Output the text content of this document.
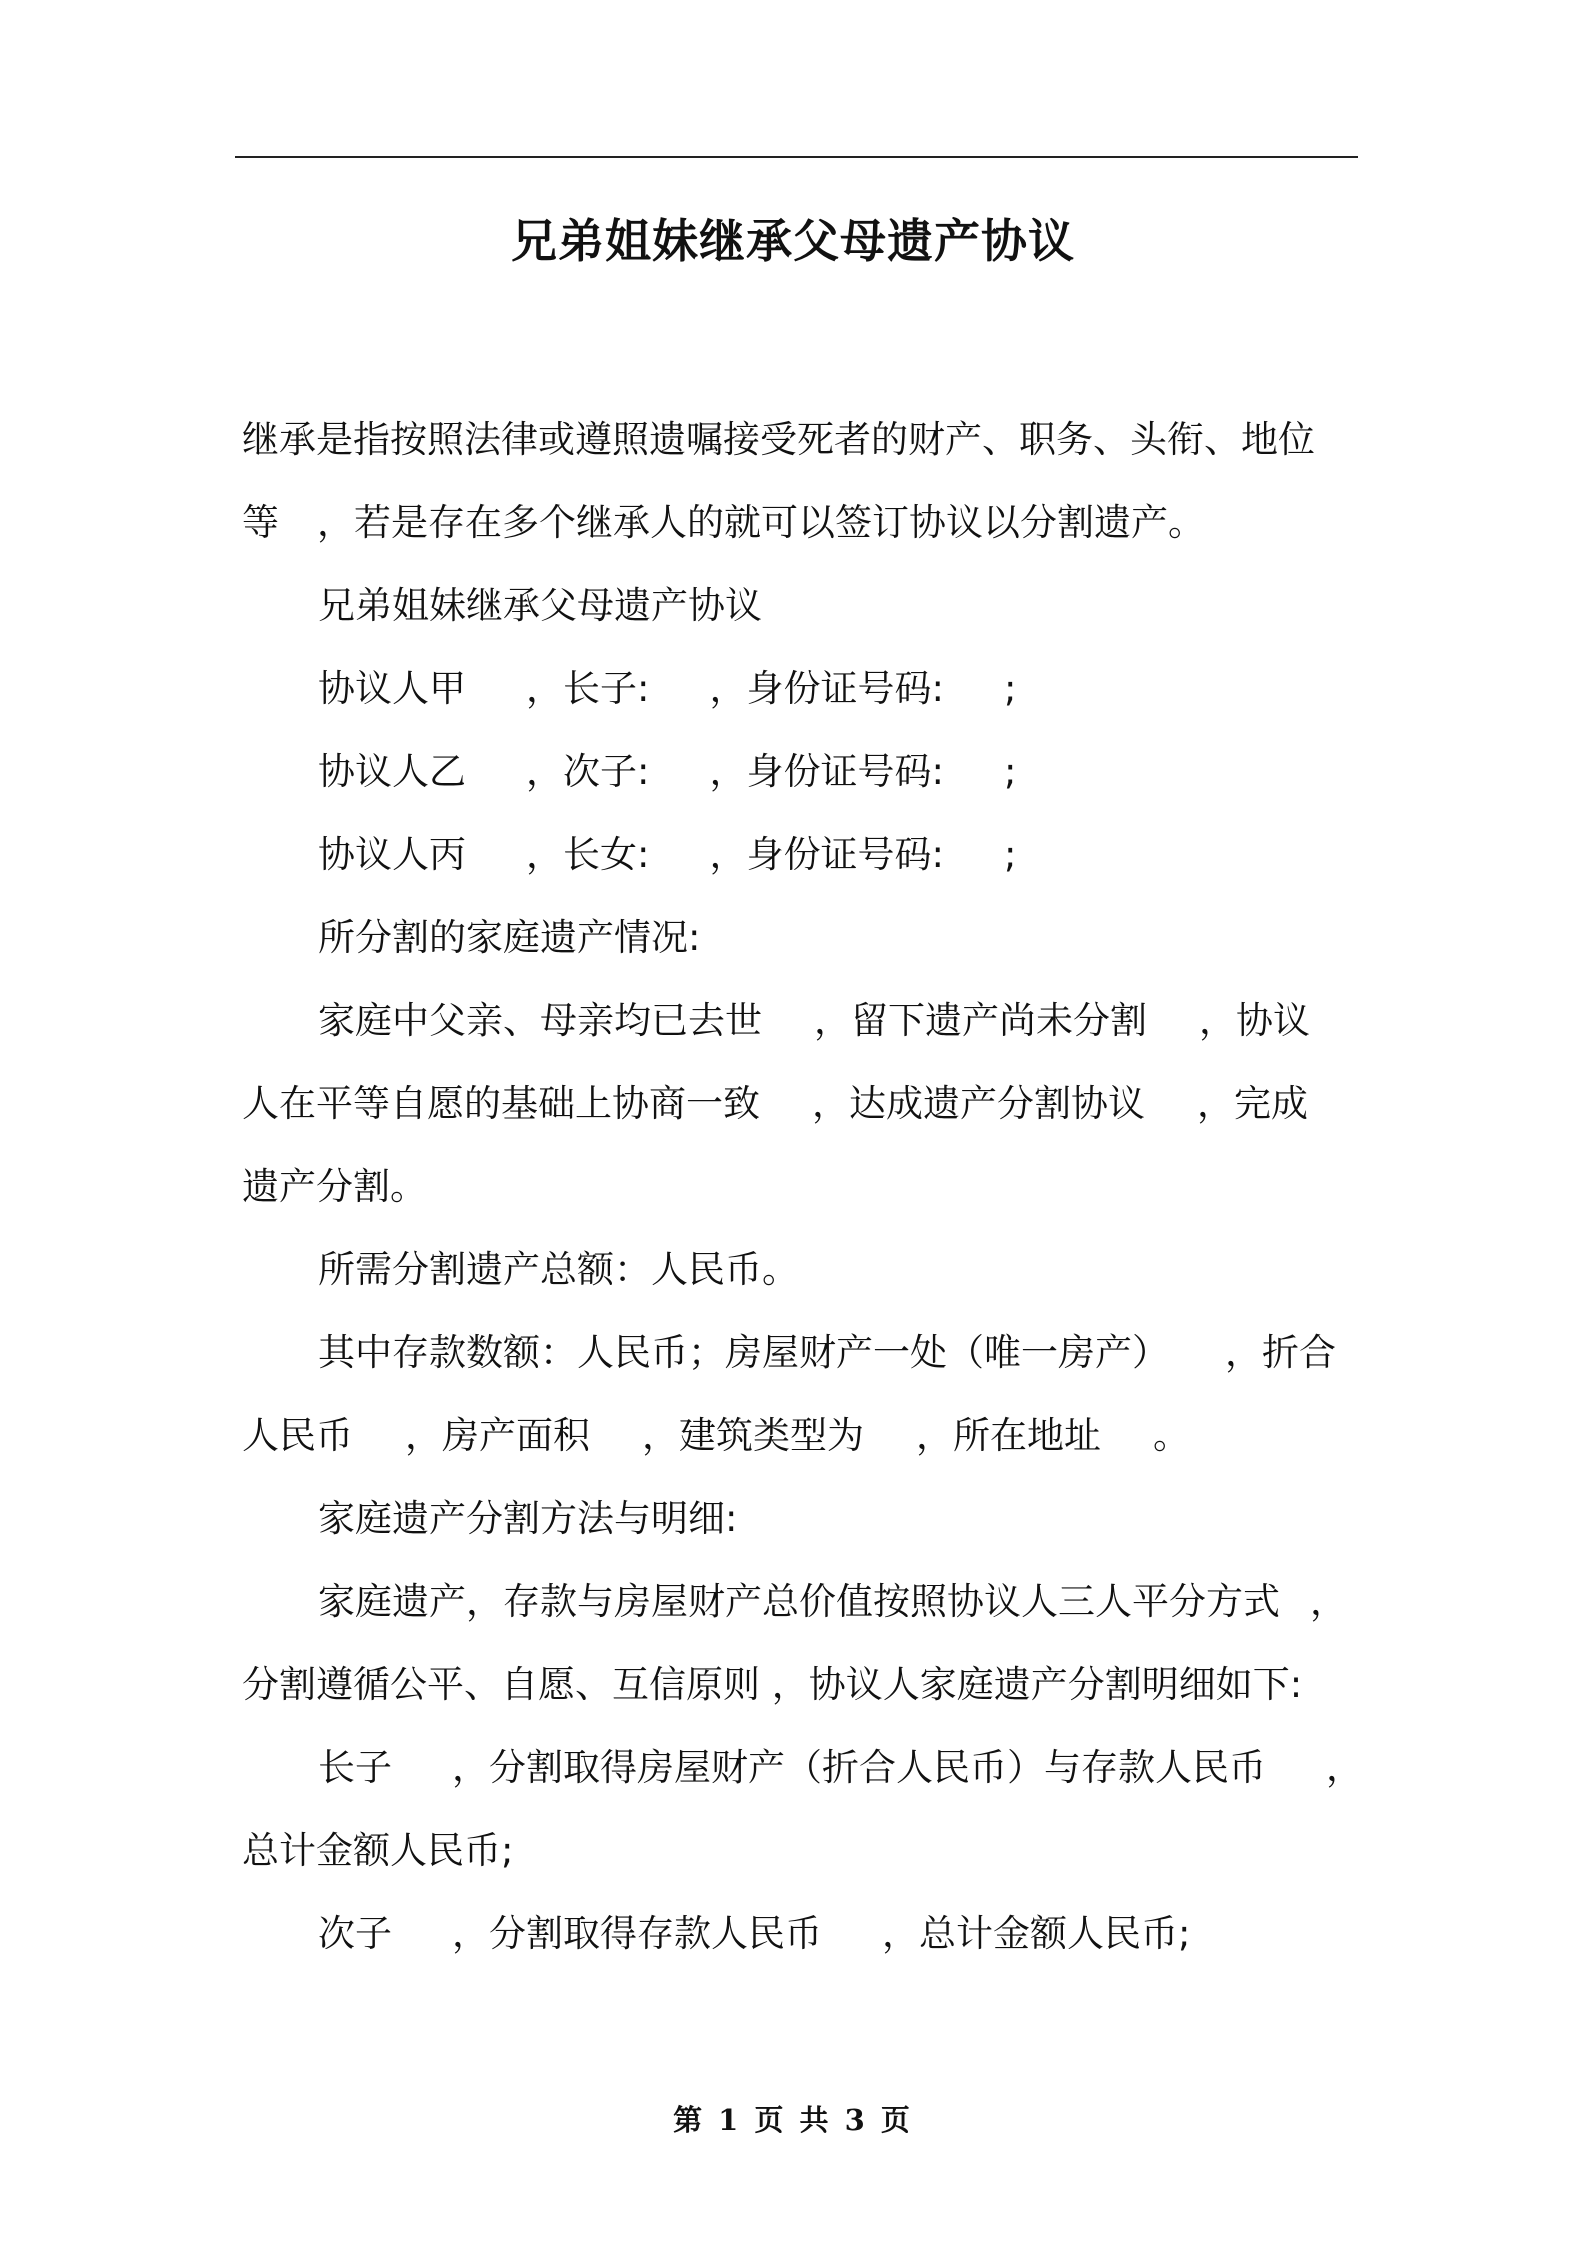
兄弟姐妹继承父母遗产协议

继承是指按照法律或遵照遗嘱接受死者的财产、职务、头衔、地位

等 ，若是存在多个继承人的就可以签订协议以分割遗产。

兄弟姐妹继承父母遗产协议

协议人甲 ，长子: ，身份证号码: ;

协议人乙 ，次子: ，身份证号码: ;

协议人丙 ，长女: ，身份证号码: ;

所分割的家庭遗产情况:

家庭中父亲、母亲均已去世 ，留下遗产尚未分割 ，协议

人在平等自愿的基础上协商一致 ，达成遗产分割协议 ，完成

遗产分割。

所需分割遗产总额：人民币。

其中存款数额：人民币；房屋财产一处（唯一房产） ，折合

人民币 ，房产面积 ，建筑类型为 ，所在地址 。

家庭遗产分割方法与明细:

家庭遗产，存款与房屋财产总价值按照协议人三人平分方式 ，

分割遵循公平、自愿、互信原则 ，协议人家庭遗产分割明细如下:

长子 ，分割取得房屋财产（折合人民币）与存款人民币 ，

总计金额人民币;

次子 ，分割取得存款人民币 ，总计金额人民币;

第 1 页 共 3 页
